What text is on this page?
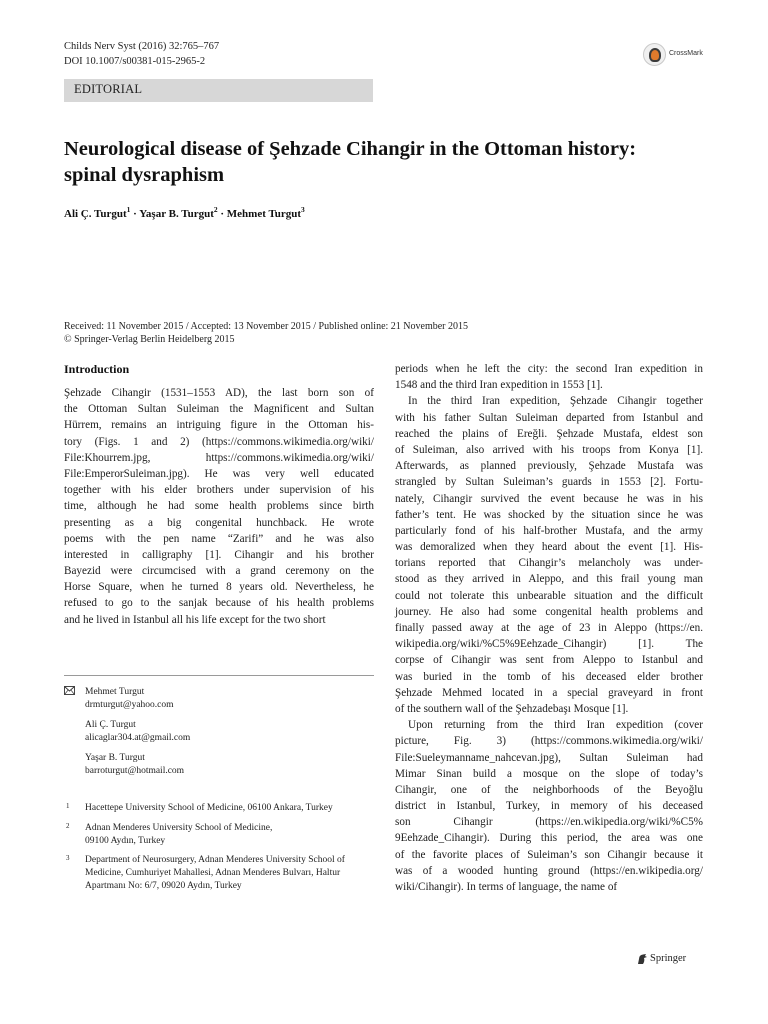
Childs Nerv Syst (2016) 32:765–767
DOI 10.1007/s00381-015-2965-2
CrossMark
EDITORIAL
Neurological disease of Şehzade Cihangir in the Ottoman history:
spinal dysraphism
Ali Ç. Turgut$^1$ · Yaşar B. Turgut$^2$ · Mehmet Turgut$^3$
Received: 11 November 2015 / Accepted: 13 November 2015 / Published online: 21 November 2015
© Springer-Verlag Berlin Heidelberg 2015
Introduction
Şehzade Cihangir (1531–1553 AD), the last born son of
the Ottoman Sultan Suleiman the Magnificent and Sultan
Hürrem, remains an intriguing figure in the Ottoman his-
tory (Figs. 1 and 2) (https://commons.wikimedia.org/wiki/
File:Khourrem.jpg, https://commons.wikimedia.org/wiki/
File:EmperorSuleiman.jpg). He was very well educated
together with his elder brothers under supervision of his
time, although he had some health problems since birth
presenting as a big congenital hunchback. He wrote
poems with the pen name “Zarifi” and he was also
interested in calligraphy [1]. Cihangir and his brother
Bayezid were circumcised with a grand ceremony on the
Horse Square, when he turned 8 years old. Nevertheless, he
refused to go to the sanjak because of his health problems
and he lived in Istanbul all his life except for the two short
Mehmet Turgut
drmturgut@yahoo.com
Ali Ç. Turgut
alicaglar304.at@gmail.com
Yaşar B. Turgut
barroturgut@hotmail.com
1 Hacettepe University School of Medicine, 06100 Ankara, Turkey
2 Adnan Menderes University School of Medicine,
09100 Aydın, Turkey
3 Department of Neurosurgery, Adnan Menderes University School of
Medicine, Cumhuriyet Mahallesi, Adnan Menderes Bulvarı, Haltur
Apartmanı No: 6/7, 09020 Aydın, Turkey
periods when he left the city: the second Iran expedition in
1548 and the third Iran expedition in 1553 [1].
In the third Iran expedition, Şehzade Cihangir together
with his father Sultan Suleiman departed from Istanbul and
reached the plains of Ereğli. Şehzade Mustafa, eldest son
of Suleiman, also arrived with his troops from Konya [1].
Afterwards, as planned previously, Şehzade Mustafa was
strangled by Sultan Suleiman’s guards in 1553 [2]. Fortu-
nately, Cihangir survived the event because he was in his
father’s tent. He was shocked by the situation since he was
particularly fond of his half-brother Mustafa, and the army
was demoralized when they heard about the event [1]. His-
torians reported that Cihangir’s melancholy was under-
stood as they arrived in Aleppo, and this frail young man
could not tolerate this unbearable situation and the difficult
journey. He also had some congenital health problems and
finally passed away at the age of 23 in Aleppo (https://en.
wikipedia.org/wiki/%C5%9Eehzade_Cihangir) [1]. The
corpse of Cihangir was sent from Aleppo to Istanbul and
was buried in the tomb of his deceased elder brother
Şehzade Mehmed located in a special graveyard in front
of the southern wall of the Şehzadebaşı Mosque [1].
Upon returning from the third Iran expedition (cover
picture, Fig. 3) (https://commons.wikimedia.org/wiki/
File:Sueleymanname_nahcevan.jpg), Sultan Suleiman had
Mimar Sinan build a mosque on the slope of today’s
Cihangir, one of the neighborhoods of the Beyoğlu
district in Istanbul, Turkey, in memory of his deceased
son Cihangir (https://en.wikipedia.org/wiki/%C5%
9Eehzade_Cihangir). During this period, the area was one
of the favorite places of Suleiman’s son Cihangir because it
was of a wooded hunting ground (https://en.wikipedia.org/
wiki/Cihangir). In terms of language, the name of
Springer
